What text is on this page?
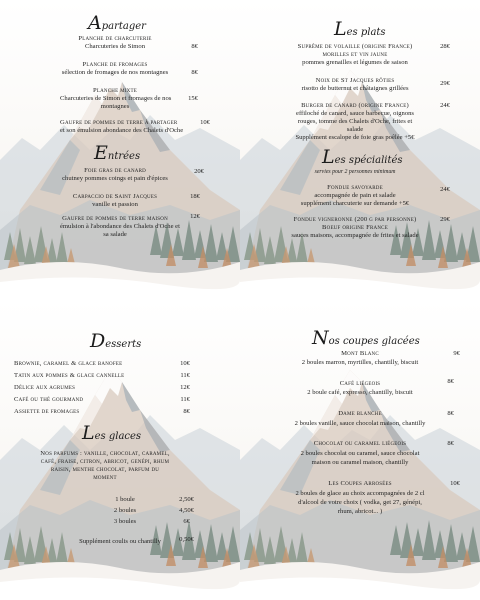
Apartager
Planche de charcuterie
Charcuteries de Simon	8€
Planche de fromages
sélection de fromages de nos montagnes	8€
Planche mixte
Charcuteries de Simon et fromages de nos
montagnes
15€
Gaufre de pommes de terre à partager
et son émulsion abondance des Chalets d'Oche
10€
Entrées
Foie gras de canard
chutney pommes coings et pain d'épices
20€
Carpaccio de Saint Jacques
vanille et passion
18€
Gaufre de pommes de terre maison
émulsion à l'abondance des Chalets d'Oche et
sa salade
12€
Les plats
Suprême de volaille (origine France)
morilles et vin jaune
pommes grenailles et légumes de saison
28€
Noix de St Jacques rôties
risotto de butternut et châtaignes grillées
29€
Burger de canard (origine France)
effiloché de canard, sauce barbecue, oignons
rouges, tomme des Chalets d'Oche, frites et
salade
24€
Supplément escalope de foie gras poêlée +5€
Les spécialités
servies pour 2 personnes minimum
Fondue savoyarde
accompagnée de pain et salade
supplément charcuterie sur demande +5€
24€
Fondue vigneronne (200 g par personne)
Boeuf origine France
sauces maisons, accompagnée de frites et salade
29€
Desserts
Brownie, caramel & glace banofee	10€
Tatin aux pommes & glace cannelle	11€
Délice aux agrumes	12€
Café ou thé gourmand	11€
Assiette de fromages	8€
Les glaces
Nos parfums : vanille, chocolat, caramel,
café, fraise, citron, abricot, genépi, rhum
raisin, menthe chocolat, parfum du
moment
1 boule	2,50€
2 boules	4,50€
3 boules	6€
Supplément coulis ou chantilly	0,50€
Nos coupes glacées
Mont Blanc
2 boules marron, myrtilles, chantilly, biscuit
9€
Café liégeois
2 boule café, expresso, chantilly, biscuit
8€
Dame blanche
2 boules vanille, sauce chocolat maison, chantilly
8€
Chocolat ou caramel liégeois
2 boules chocolat ou caramel, sauce chocolat
maison ou caramel maison, chantilly
8€
Les Coupes Arrosées
2 boules de glace au choix accompagnées de 2 cl
d'alcool de votre choix ( vodka, get 27, génépi,
rhum, abricot... )
10€
